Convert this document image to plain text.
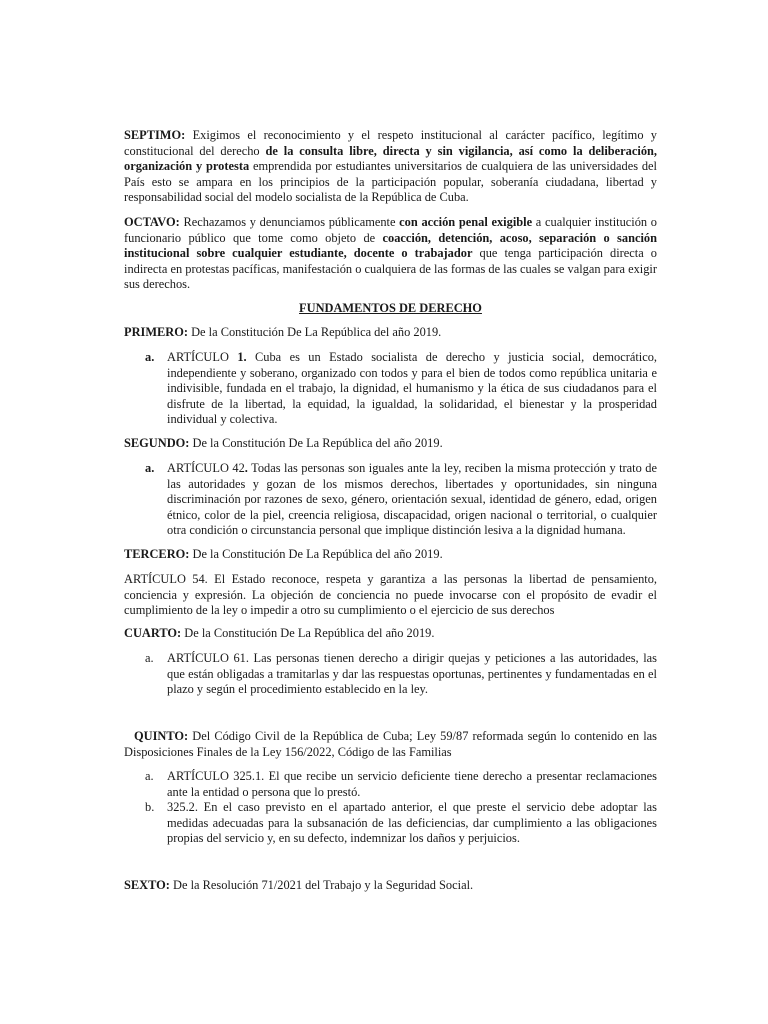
SEPTIMO: Exigimos el reconocimiento y el respeto institucional al carácter pacífico, legítimo y constitucional del derecho de la consulta libre, directa y sin vigilancia, así como la deliberación, organización y protesta emprendida por estudiantes universitarios de cualquiera de las universidades del País esto se ampara en los principios de la participación popular, soberanía ciudadana, libertad y responsabilidad social del modelo socialista de la República de Cuba.

OCTAVO: Rechazamos y denunciamos públicamente con acción penal exigible a cualquier institución o funcionario público que tome como objeto de coacción, detención, acoso, separación o sanción institucional sobre cualquier estudiante, docente o trabajador que tenga participación directa o indirecta en protestas pacíficas, manifestación o cualquiera de las formas de las cuales se valgan para exigir sus derechos.

FUNDAMENTOS DE DERECHO

PRIMERO: De la Constitución De La República del año 2019.

a.	ARTÍCULO 1. Cuba es un Estado socialista de derecho y justicia social, democrático, independiente y soberano, organizado con todos y para el bien de todos como república unitaria e indivisible, fundada en el trabajo, la dignidad, el humanismo y la ética de sus ciudadanos para el disfrute de la libertad, la equidad, la igualdad, la solidaridad, el bienestar y la prosperidad individual y colectiva.

SEGUNDO: De la Constitución De La República del año 2019.

a.	ARTÍCULO 42. Todas las personas son iguales ante la ley, reciben la misma protección y trato de las autoridades y gozan de los mismos derechos, libertades y oportunidades, sin ninguna discriminación por razones de sexo, género, orientación sexual, identidad de género, edad, origen étnico, color de la piel, creencia religiosa, discapacidad, origen nacional o territorial, o cualquier otra condición o circunstancia personal que implique distinción lesiva a la dignidad humana.

TERCERO: De la Constitución De La República del año 2019.

ARTÍCULO 54. El Estado reconoce, respeta y garantiza a las personas la libertad de pensamiento, conciencia y expresión. La objeción de conciencia no puede invocarse con el propósito de evadir el cumplimiento de la ley o impedir a otro su cumplimiento o el ejercicio de sus derechos

CUARTO: De la Constitución De La República del año 2019.

a.	ARTÍCULO 61. Las personas tienen derecho a dirigir quejas y peticiones a las autoridades, las que están obligadas a tramitarlas y dar las respuestas oportunas, pertinentes y fundamentadas en el plazo y según el procedimiento establecido en la ley.

QUINTO: Del Código Civil de la República de Cuba; Ley 59/87 reformada según lo contenido en las Disposiciones Finales de la Ley 156/2022, Código de las Familias

a.	ARTÍCULO 325.1. El que recibe un servicio deficiente tiene derecho a presentar reclamaciones ante la entidad o persona que lo prestó.
b.	325.2. En el caso previsto en el apartado anterior, el que preste el servicio debe adoptar las medidas adecuadas para la subsanación de las deficiencias, dar cumplimiento a las obligaciones propias del servicio y, en su defecto, indemnizar los daños y perjuicios.

SEXTO: De la Resolución 71/2021 del Trabajo y la Seguridad Social.
